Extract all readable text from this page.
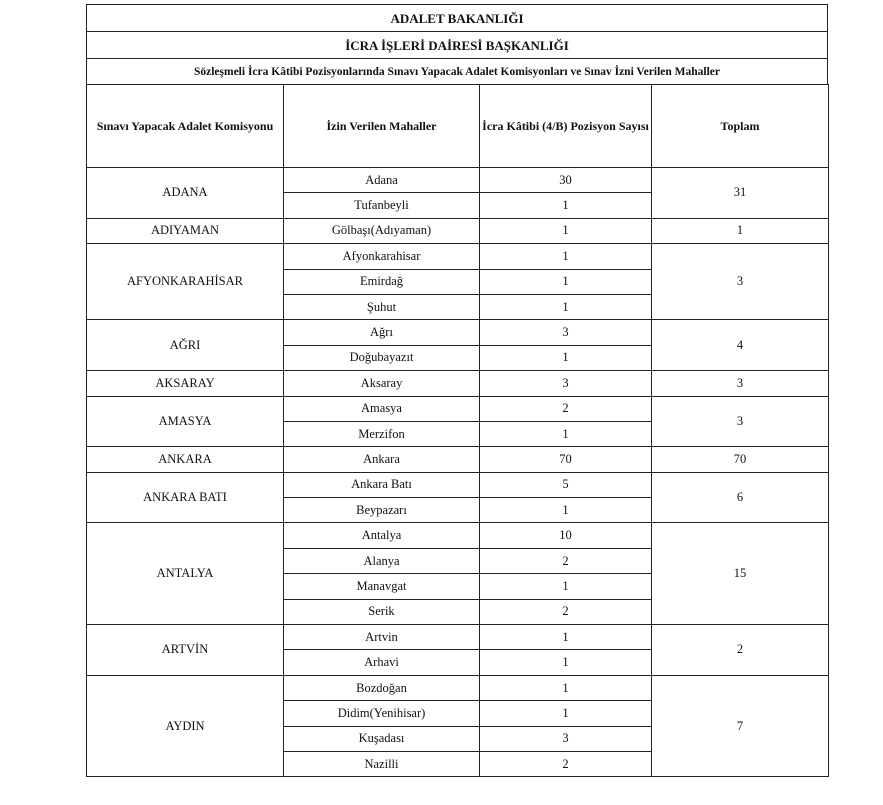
ADALET BAKANLIĞI
İCRA İŞLERİ DAİRESİ BAŞKANLIĞI
Sözleşmeli İcra Kâtibi Pozisyonlarında Sınavı Yapacak Adalet Komisyonları ve Sınav İzni Verilen Mahaller
Sınavı Yapacak Adalet Komisyonu	İzin Verilen Mahaller	İcra Kâtibi (4/B) Pozisyon Sayısı	Toplam
ADANA	Adana	30	31
	Tufanbeyli	1	
ADIYAMAN	Gölbaşı(Adıyaman)	1	1
AFYONKARAHİSAR	Afyonkarahisar	1	3
	Emirdağ	1	
	Şuhut	1	
AĞRI	Ağrı	3	4
	Doğubayazıt	1	
AKSARAY	Aksaray	3	3
AMASYA	Amasya	2	3
	Merzifon	1	
ANKARA	Ankara	70	70
ANKARA BATI	Ankara Batı	5	6
	Beypazarı	1	
ANTALYA	Antalya	10	15
	Alanya	2	
	Manavgat	1	
	Serik	2	
ARTVİN	Artvin	1	2
	Arhavi	1	
AYDIN	Bozdoğan	1	7
	Didim(Yenihisar)	1	
	Kuşadası	3	
	Nazilli	2	
